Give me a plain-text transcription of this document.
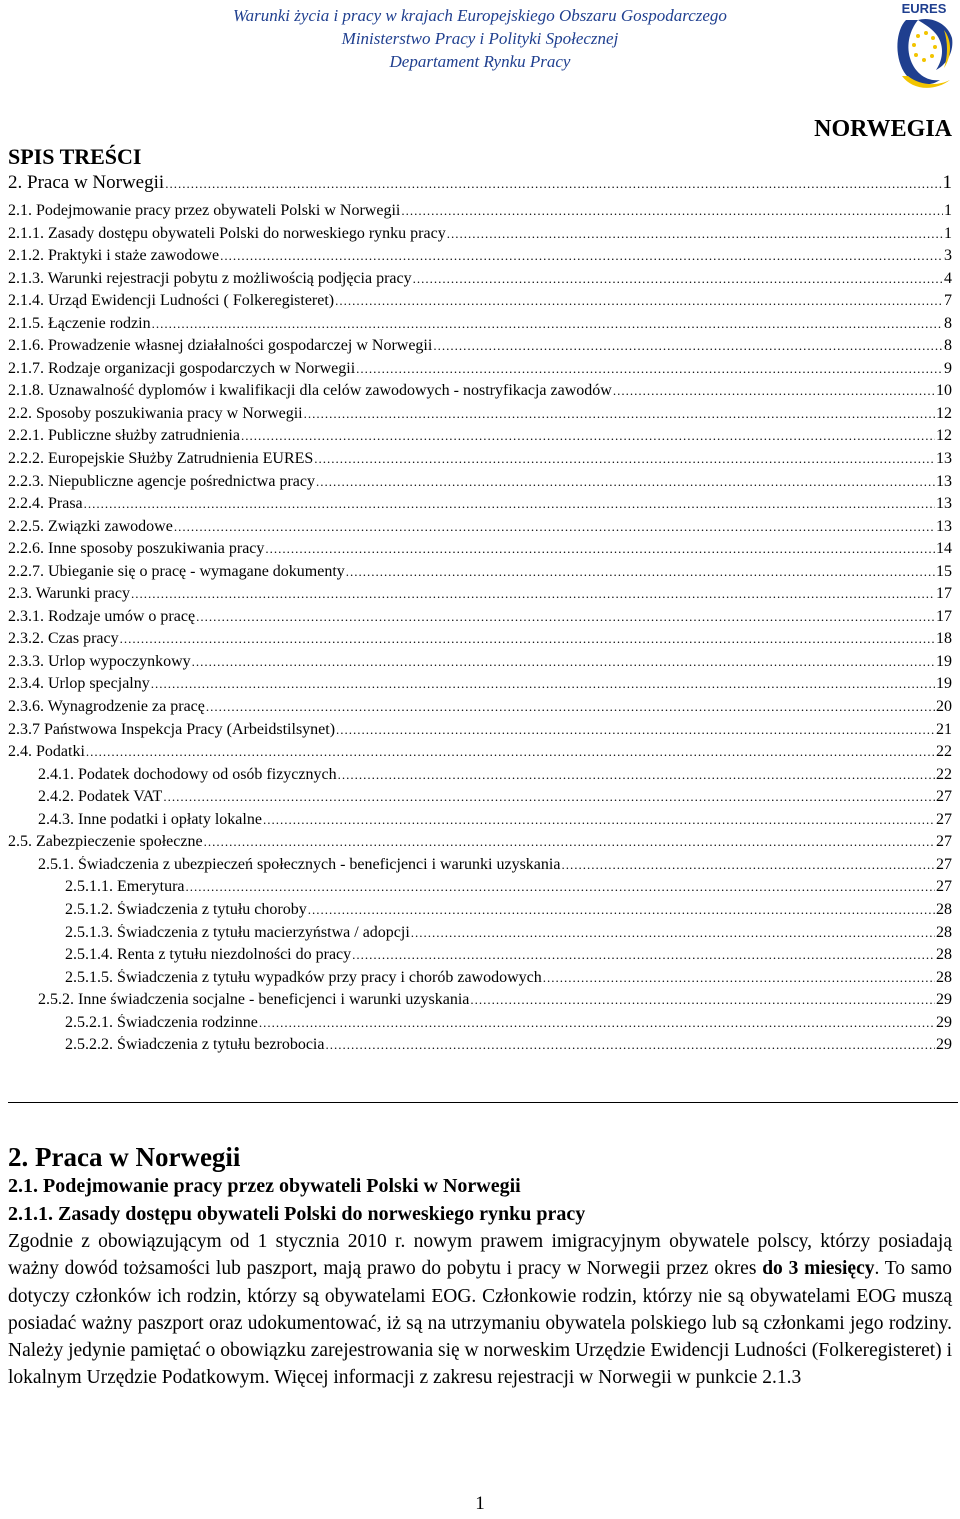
Warunki życia i pracy w krajach Europejskiego Obszaru Gospodarczego
Ministerstwo Pracy i Polityki Społecznej
Departament Rynku Pracy
EURES
NORWEGIA
SPIS TREŚCI
2. Praca w Norwegii .....	1
2.1. Podejmowanie pracy przez obywateli Polski w Norwegii .....	1
2.1.1. Zasady dostępu obywateli Polski do norweskiego rynku pracy .....	1
2.1.2. Praktyki i staże zawodowe .....	3
2.1.3. Warunki rejestracji pobytu z możliwością podjęcia pracy .....	4
2.1.4. Urząd Ewidencji Ludności ( Folkeregisteret) .....	7
2.1.5. Łączenie rodzin .....	8
2.1.6. Prowadzenie własnej działalności gospodarczej w Norwegii .....	8
2.1.7. Rodzaje organizacji gospodarczych w Norwegii .....	9
2.1.8. Uznawalność dyplomów i kwalifikacji dla celów zawodowych - nostryfikacja zawodów .....	10
2.2. Sposoby poszukiwania pracy w Norwegii .....	12
2.2.1. Publiczne służby zatrudnienia .....	12
2.2.2. Europejskie Służby Zatrudnienia EURES .....	13
2.2.3. Niepubliczne agencje pośrednictwa pracy .....	13
2.2.4. Prasa .....	13
2.2.5. Związki zawodowe .....	13
2.2.6. Inne sposoby poszukiwania pracy .....	14
2.2.7. Ubieganie się o pracę - wymagane dokumenty .....	15
2.3. Warunki pracy .....	17
2.3.1. Rodzaje umów o pracę .....	17
2.3.2. Czas pracy .....	18
2.3.3. Urlop wypoczynkowy .....	19
2.3.4. Urlop specjalny .....	19
2.3.6. Wynagrodzenie za pracę .....	20
2.3.7 Państwowa Inspekcja Pracy (Arbeidstilsynet) .....	21
2.4. Podatki .....	22
2.4.1. Podatek dochodowy od osób fizycznych .....	22
2.4.2. Podatek VAT .....	27
2.4.3. Inne podatki i opłaty lokalne .....	27
2.5. Zabezpieczenie społeczne .....	27
2.5.1. Świadczenia z ubezpieczeń społecznych - beneficjenci i warunki uzyskania .....	27
2.5.1.1. Emerytura .....	27
2.5.1.2. Świadczenia z tytułu choroby .....	28
2.5.1.3. Świadczenia z tytułu macierzyństwa / adopcji .....	28
2.5.1.4. Renta z tytułu niezdolności do pracy .....	28
2.5.1.5. Świadczenia z tytułu wypadków przy pracy i chorób zawodowych .....	28
2.5.2. Inne świadczenia socjalne - beneficjenci i warunki uzyskania .....	29
2.5.2.1. Świadczenia rodzinne .....	29
2.5.2.2. Świadczenia z tytułu bezrobocia .....	29
2. Praca w Norwegii
2.1. Podejmowanie pracy przez obywateli Polski w Norwegii
2.1.1. Zasady dostępu obywateli Polski do norweskiego rynku pracy
Zgodnie z obowiązującym od 1 stycznia 2010 r. nowym prawem imigracyjnym obywatele polscy, którzy posiadają ważny dowód tożsamości lub paszport, mają prawo do pobytu i pracy w Norwegii przez okres do 3 miesięcy. To samo dotyczy członków ich rodzin, którzy są obywatelami EOG. Członkowie rodzin, którzy nie są obywatelami EOG muszą posiadać ważny paszport oraz udokumentować, iż są na utrzymaniu obywatela polskiego lub są członkami jego rodziny. Należy jedynie pamiętać o obowiązku zarejestrowania się w norweskim Urzędzie Ewidencji Ludności (Folkeregisteret) i lokalnym Urzędzie Podatkowym. Więcej informacji z zakresu rejestracji w Norwegii w punkcie 2.1.3
1
